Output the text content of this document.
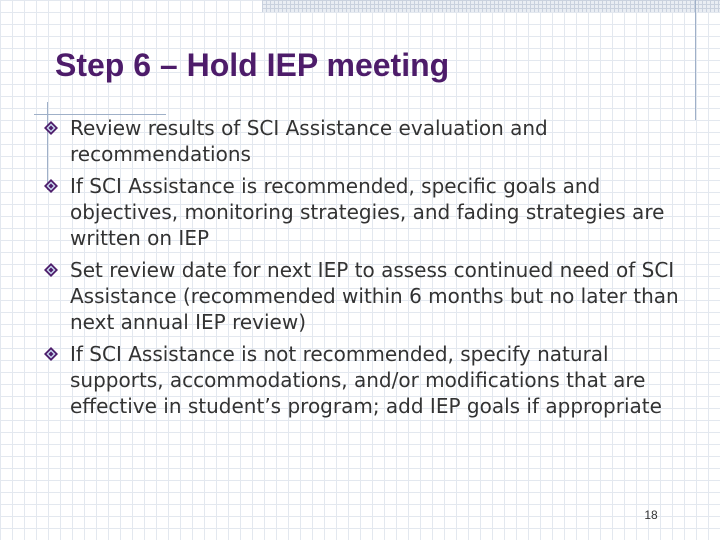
Step 6 – Hold IEP meeting
Review results of SCI Assistance evaluation and recommendations
If SCI Assistance is recommended, specific goals and objectives, monitoring strategies, and fading strategies are written on IEP
Set review date for next IEP to assess continued need of SCI Assistance (recommended within 6 months but no later than next annual IEP review)
If SCI Assistance is not recommended, specify natural supports, accommodations, and/or modifications that are effective in student’s program; add IEP goals if appropriate
18
